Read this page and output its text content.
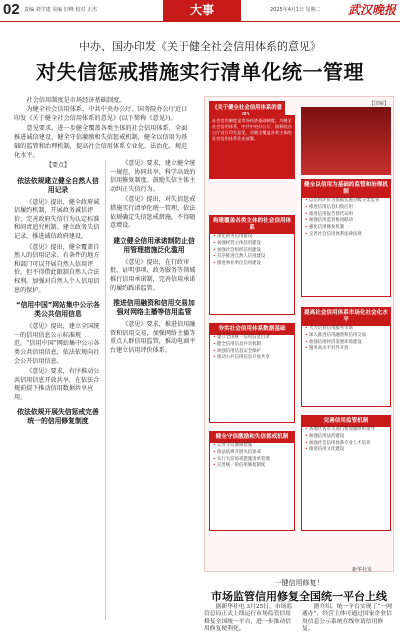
02 责编 刘学建 美编 旧峰 校对 正杰	大事	2025年4月1日 星期二 武汉晚报
中办、国办印发《关于健全社会信用体系的意见》
对失信惩戒措施实行清单化统一管理

社会信用制度是市场经济基础制度。

为健全社会信用体系，中共中央办公厅、国务院办公厅近日印发《关于健全社会信用体系的意见》(以下简称《意见》)。

意见要求，进一步健全覆盖各类主体的社会信用体系，全面推进诚信建设，健全守信激励和失信惩戒机制，健全以信用为基础的监管和治理机制，提高社会信用体系专业化、法治化、规范化水平。

【要点】
依法依规建立健全自然人信用记录

《意见》提出，健全政府诚信履约机制，开展政务诚信评价，完善政府失信行为认定标准和问责追究机制。建立政务失信记录，推进诚信政府建设。

《意见》提出，健全覆盖自然人的信用记录。有条件的地方和部门可以开展自然人信用评价，但不得借此限制自然人合法权利。加强对自然人个人信用信息的保护。

“信用中国”网站集中公示各类公共信用信息

《意见》提出，建立全国统一的信用信息公示标准规范。“信用中国”网站集中公示各类公共信用信息，依法依规向社会公开信用信息。

《意见》要求，有序推动公共信用信息开放共享，在依法合规前提下推动信用数据共享应用。

依法依规开展失信惩戒完善统一的信用修复制度

《意见》要求，建立健全统一规范、协同共享、科学高效的信用修复制度。鼓励失信主体主动纠正失信行为。

《意见》提出，对失信惩戒措施实行清单化统一管理，依法依规确定失信惩戒措施，不得随意增设。

建立健全信用承诺制防止信用管理措施泛化滥用

《意见》提出，在行政审批、证明事项、政务服务等领域推行信用承诺制，完善信用承诺的履约践诺监管。

推进信用融资和信用交易加强对网络主播等信用监管

《意见》要求，推进信用融资和信用交易，加强网络主播等重点人群信用监管，推动电商平台建立信用评价体系。

【图解】
《关于健全社会信用体系的意
社会信用制度是市场经济基础制度。为健全社会信用体系，中共中央办公厅、国务院办公厅近日印发意见，对健全覆盖各类主体的社会信用体系作出部署。
健全以信用为基础的监管和治理机制
• 以信用评价为依据实施分级分类监管
• 推进信用信息归集应用
• 推进信用报告替代证明
• 加强信用监管协同联动
• 强化信用修复机制
• 完善社会信用体系法律法规
构建覆盖各类主体的社会信用体系
• 深化政务信用建设
• 加强经营主体信用建设
• 加强社会组织信用建设
• 有序推进自然人信用建设
• 推进事业单位信用建设
提高社会信用体系市场化社会化水平
• 大力培育信用服务市场
• 深入推进信用融资和信用交易
• 加强信用经济发展环境建设
• 服务高水平对外开放
夯实社会信用体系数据基础
• 建立全国统一信用信息目录
• 健全信用信息共享机制
• 加强信用信息安全保护
• 推动公共信用信息开放共享
健全守信激励和失信惩戒机制
• 完善守信激励措施
• 依法依规开展失信惩戒
• 实行失信惩戒措施清单管理
• 完善统一的信用修复制度
完善信用监管机制
• 各地区各有关部门要加强组织领导
• 加强信用法治建设
• 加强社会信用体系专业人才培养
• 推进信用文化建设
新华社发
一键信用修复！
市场监管信用修复全国统一平台上线

据新华社电 3月25日，市场监管总局正式上线运行市场监管信用修复全国统一平台，进一步推动信用修复便利化。

据介绍，统一平台实现了“一网通办”，经营主体可通过国家企业信用信息公示系统在线申请信用修复。
